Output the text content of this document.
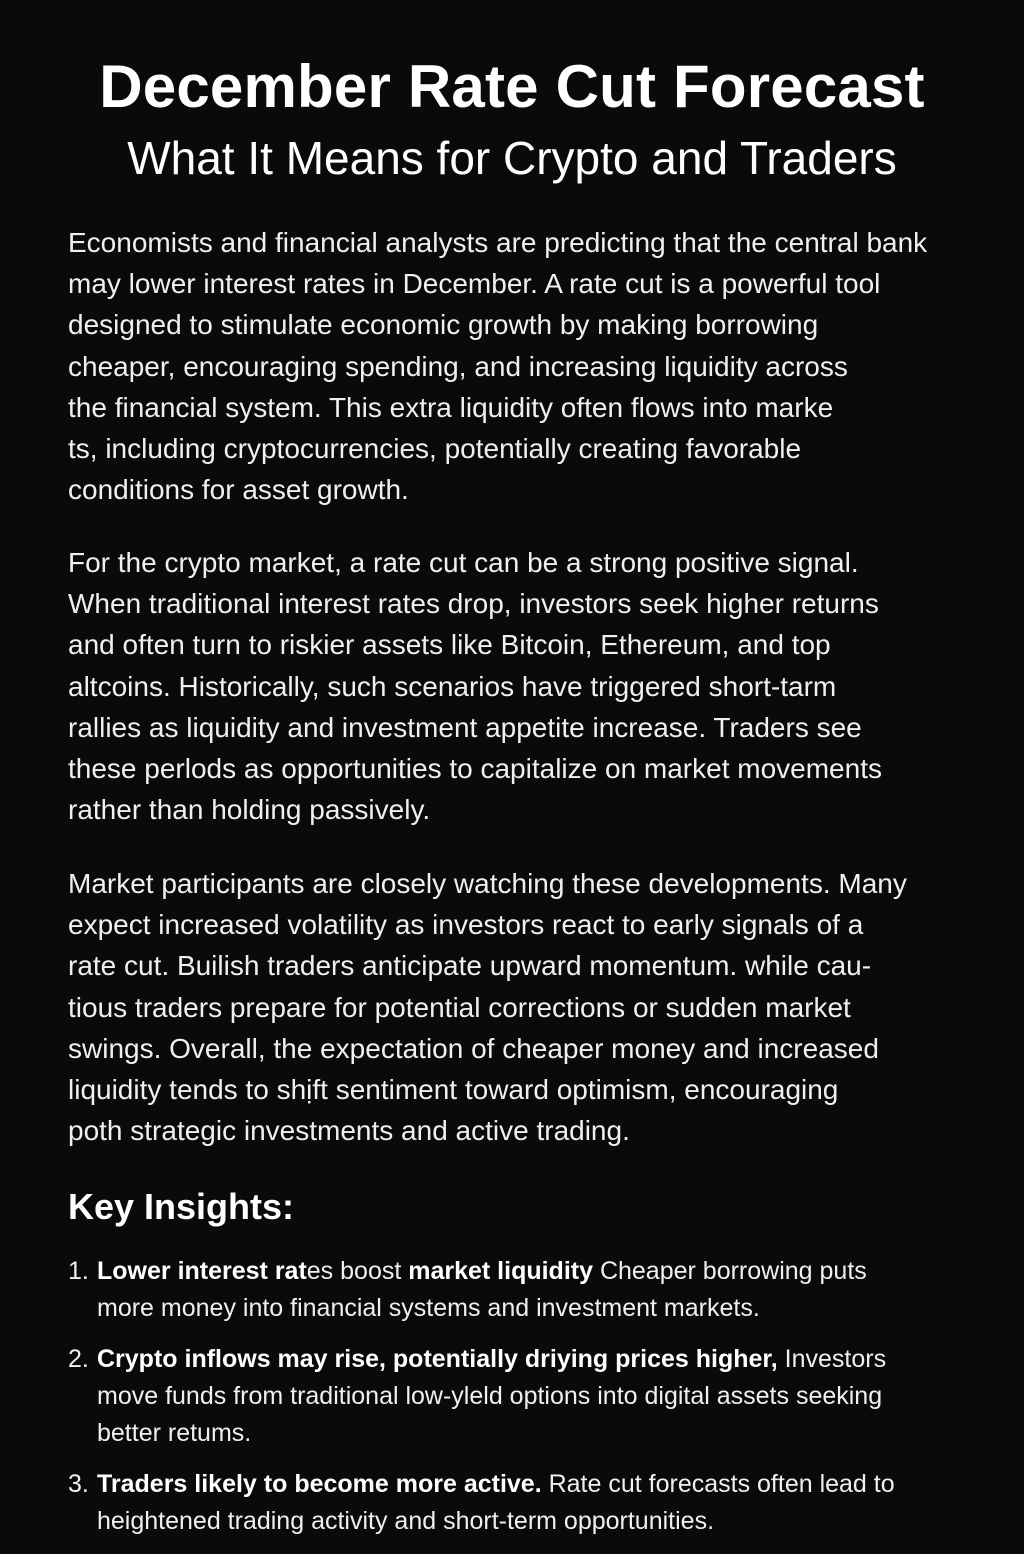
December Rate Cut Forecast
What It Means for Crypto and Traders

Economists and financial analysts are predicting that the central bank
may lower interest rates in December. A rate cut is a powerful tool
designed to stimulate economic growth by making borrowing
cheaper, encouraging spending, and increasing liquidity across
the financial system. This extra liquidity often flows into marke
ts, including cryptocurrencies, potentially creating favorable
conditions for asset growth.

For the crypto market, a rate cut can be a strong positive signal.
When traditional interest rates drop, investors seek higher returns
and often turn to riskier assets like Bitcoin, Ethereum, and top
altcoins. Historically, such scenarios have triggered short-tarm
rallies as liquidity and investment appetite increase. Traders see
these perlods as opportunities to capitalize on market movements
rather than holding passively.

Market participants are closely watching these developments. Many
expect increased volatility as investors react to early signals of a
rate cut. Builish traders anticipate upward momentum. while cau-
tious traders prepare for potential corrections or sudden market
swings. Overall, the expectation of cheaper money and increased
liquidity tends to shịft sentiment toward optimism, encouraging
poth strategic investments and active trading.

Key Insights:
1. Lower interest rates boost market liquidity Cheaper borrowing puts
more money into financial systems and investment markets.
2. Crypto inflows may rise, potentially driying prices higher, Investors
move funds from traditional low-yleld options into digital assets seeking
better retums.
3. Traders likely to become more active. Rate cut forecasts often lead to
heightened trading activity and short-term opportunities.
